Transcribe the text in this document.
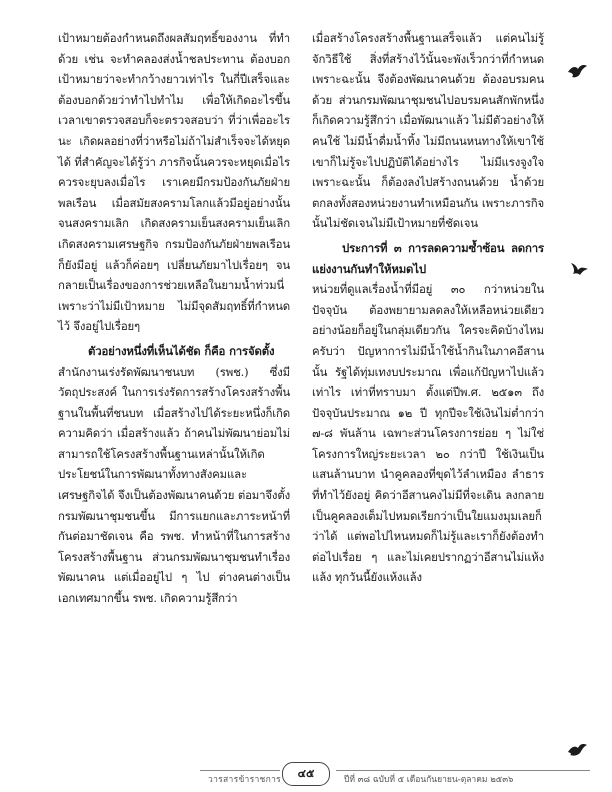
เป้าหมายต้องกำหนดถึงผลสัมฤทธิ์ของงาน ที่ทำด้วย เช่น จะทำคลองส่งน้ำชลประทาน ต้องบอกเป้าหมายว่าจะทำกว้างยาวเท่าไร ในกี่ปีเสร็จและต้องบอกด้วยว่าทำไปทำไม เพื่อให้เกิดอะไรขึ้น เวลาเขาตรวจสอบก็จะตรวจสอบว่า ที่ว่าเพื่ออะไรนะ เกิดผลอย่างที่ว่าหรือไม่ถ้าไม่สำเร็จจะได้หยุดได้ ที่สำคัญจะได้รู้ว่า ภารกิจนั้นควรจะหยุดเมื่อไร ควรจะยุบลงเมื่อไร เราเคยมีกรมป้องกันภัยฝ่ายพลเรือน เมื่อสมัยสงครามโลกแล้วมีอยู่อย่างนั้นจนสงครามเลิก เกิดสงครามเย็นสงครามเย็นเลิก เกิดสงครามเศรษฐกิจ กรมป้องกันภัยฝ่ายพลเรือนก็ยังมีอยู่ แล้วก็ค่อยๆ เปลี่ยนภัยมาไปเรื่อยๆ จนกลายเป็นเรื่องของการช่วยเหลือในยามน้ำท่วมนี่ เพราะว่าไม่มีเป้าหมาย ไม่มีจุดสัมฤทธิ์ที่กำหนดไว้ จึงอยู่ไปเรื่อยๆ

ตัวอย่างหนึ่งที่เห็นได้ชัด ก็คือ การจัดตั้ง

สำนักงานเร่งรัดพัฒนาชนบท (รพช.) ซึ่งมีวัตถุประสงค์ ในการเร่งรัดการสร้างโครงสร้างพื้นฐานในพื้นที่ชนบท เมื่อสร้างไปได้ระยะหนึ่งก็เกิดความคิดว่า เมื่อสร้างแล้ว ถ้าคนไม่พัฒนาย่อมไม่สามารถใช้โครงสร้างพื้นฐานเหล่านั้นให้เกิดประโยชน์ในการพัฒนาทั้งทางสังคมและเศรษฐกิจได้ จึงเป็นต้องพัฒนาคนด้วย ต่อมาจึงตั้งกรมพัฒนาชุมชนขึ้น มีการแยกและภาระหน้าที่กันต่อมาชัดเจน คือ รพช. ทำหน้าที่ในการสร้างโครงสร้างพื้นฐาน ส่วนกรมพัฒนาชุมชนทำเรื่องพัฒนาคน แต่เมื่ออยู่ไป ๆ ไป ต่างคนต่างเป็นเอกเทศมากขึ้น รพช. เกิดความรู้สึกว่า

เมื่อสร้างโครงสร้างพื้นฐานเสร็จแล้ว แต่คนไม่รู้จักวิธีใช้ สิ่งที่สร้างไว้นั้นจะพังเร็วกว่าที่กำหนด เพราะฉะนั้น จึงต้องพัฒนาคนด้วย ต้องอบรมคนด้วย ส่วนกรมพัฒนาชุมชนไปอบรมคนสักพักหนึ่งก็เกิดความรู้สึกว่า เมื่อพัฒนาแล้ว ไม่มีตัวอย่างให้คนใช้ ไม่มีน้ำดื่มน้ำทิ้ง ไม่มีถนนหนทางให้เขาใช้ เขาก็ไม่รู้จะไปปฏิบัติได้อย่างไร ไม่มีแรงจูงใจเพราะฉะนั้น ก็ต้องลงไปสร้างถนนด้วย น้ำด้วย ตกลงทั้งสองหน่วยงานทำเหมือนกัน เพราะภารกิจนั้นไม่ชัดเจนไม่มีเป้าหมายที่ชัดเจน

ประการที่ ๓ การลดความซ้ำซ้อน ลดการแย่งงานกันทำให้หมดไป

หน่วยที่ดูแลเรื่องน้ำที่มีอยู่ ๓๐ กว่าหน่วยในปัจจุบัน ต้องพยายามลดลงให้เหลือหน่วยเดียว อย่างน้อยก็อยู่ในกลุ่มเดียวกัน ใครจะคิดบ้างไหมครับว่า ปัญหาการไม่มีน้ำใช้น้ำกินในภาคอีสานนั้น รัฐได้ทุ่มเทงบประมาณ เพื่อแก้ปัญหาไปแล้วเท่าไร เท่าที่ทราบมา ตั้งแต่ปีพ.ศ. ๒๕๑๓ ถึงปัจจุบันประมาณ ๑๒ ปี ทุกปีจะใช้เงินไม่ต่ำกว่า ๗-๘ พันล้าน เฉพาะส่วนโครงการย่อย ๆ ไม่ใช่โครงการใหญ่ระยะเวลา ๒๐ กว่าปี ใช้เงินเป็นแสนล้านบาท นำคูคลองที่ขุดไว้ลำเหมือง ลำธารที่ทำไว้ยังอยู่ คิดว่าอีสานคงไม่มีที่จะเดิน ลงกลายเป็นคูคลองเต็มไปหมดเรียกว่าเป็นใยแมงมุมเลยก็ว่าได้ แต่พอไปไหนหมดก็ไม่รู้และเราก็ยังต้องทำต่อไปเรื่อย ๆ และไม่เคยปรากฏว่าอีสานไม่แห้งแล้ง ทุกวันนี้ยังแห้งแล้ง

วารสารข้าราชการ	๔๕	ปีที่ ๓๘ ฉบับที่ ๕ เดือนกันยายน-ตุลาคม ๒๕๓๖
